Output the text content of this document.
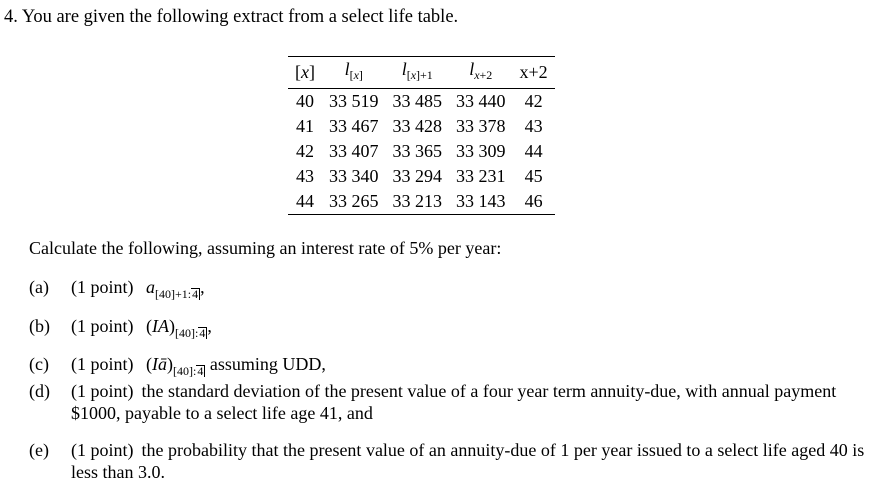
4. You are given the following extract from a select life table.
[x]	$l_{[x]}$	$l_{[x]+1}$	$l_{x+2}$	x+2
40	33 519	33 485	33 440	42
41	33 467	33 428	33 378	43
42	33 407	33 365	33 309	44
43	33 340	33 294	33 231	45
44	33 265	33 213	33 143	46
Calculate the following, assuming an interest rate of 5% per year:
(a) (1 point) $a_{[40]+1:4}$ ,
(b) (1 point) $(IA)_{[40]:4}$ ,
(c) (1 point) $(Iā)_{[40]:4}$ assuming UDD,
(d) (1 point) the standard deviation of the present value of a four year term annuity-due, with annual payment $1000, payable to a select life age 41, and
(e) (1 point) the probability that the present value of an annuity-due of 1 per year issued to a select life aged 40 is less than 3.0.
